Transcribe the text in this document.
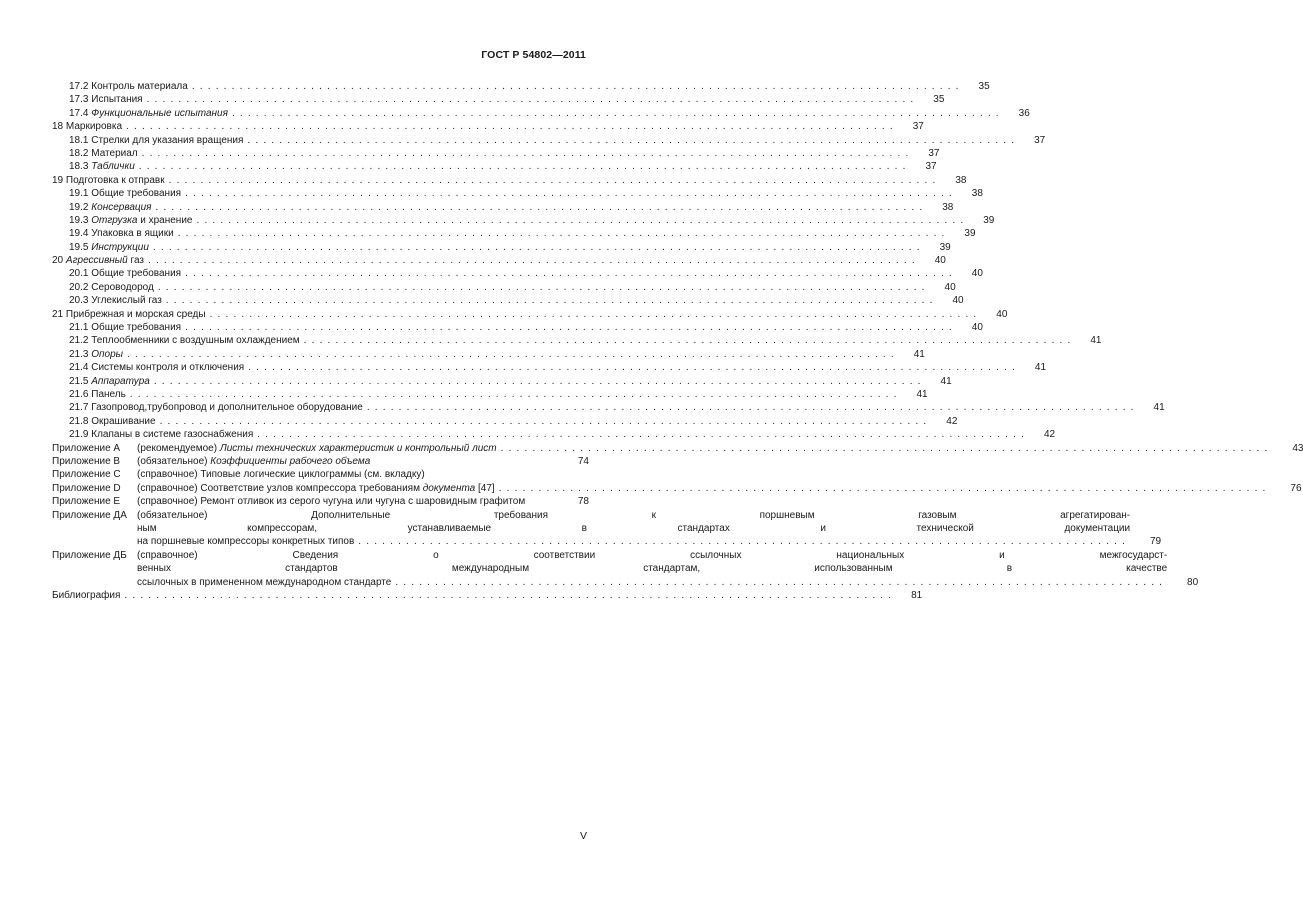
ГОСТ Р 54802—2011
17.2 Контроль материала . . .	35
17.3 Испытания . . .	35
17.4 Функциональные испытания . . .	36
18 Маркировка . . .	37
18.1 Стрелки для указания вращения . . .	37
18.2 Материал . . .	37
18.3 Таблички . . .	37
19 Подготовка к отправк . . .	38
19.1 Общие требования . . .	38
19.2 Консервация . . .	38
19.3 Отгрузка и хранение . . .	39
19.4 Упаковка в ящики . . .	39
19.5 Инструкции . . .	39
20 Агрессивный газ . . .	40
20.1 Общие требования . . .	40
20.2 Сероводород . . .	40
20.3 Углекислый газ . . .	40
21 Прибрежная и морская среды . . .	40
21.1 Общие требования . . .	40
21.2 Теплообменники с воздушным охлаждением . . .	41
21.3 Опоры . . .	41
21.4 Системы контроля и отключения . . .	41
21.5 Аппаратура . . .	41
21.6 Панель . . .	41
21.7 Газопровод,трубопровод и дополнительное оборудование . . .	41
21.8 Окрашивание . . .	42
21.9 Клапаны в системе газоснабжения . . .	42
Приложение А	(рекомендуемое) Листы технических характеристик и контрольный лист . . .	43
Приложение В	(обязательное) Коэффициенты рабочего объема	74
Приложение С	(справочное) Типовые логические циклограммы (см. вкладку)
Приложение D	(справочное) Соответствие узлов компрессора требованиям документа [47] . . .	76
Приложение Е	(справочное) Ремонт отливок из серого чугуна или чугуна с шаровидным графитом	78
Приложение ДА	(обязательное) Дополнительные требования к поршневым газовым агрегатирован-
ным компрессорам, устанавливаемые в стандартах и технической документации
на поршневые компрессоры конкретных типов . . .	79
Приложение ДБ	(справочное) Сведения о соответствии ссылочных национальных и межгосударст-
венных стандартов международным стандартам, использованным в качестве
ссылочных в примененном международном стандарте . . .	80
Библиография . . .	81
V
